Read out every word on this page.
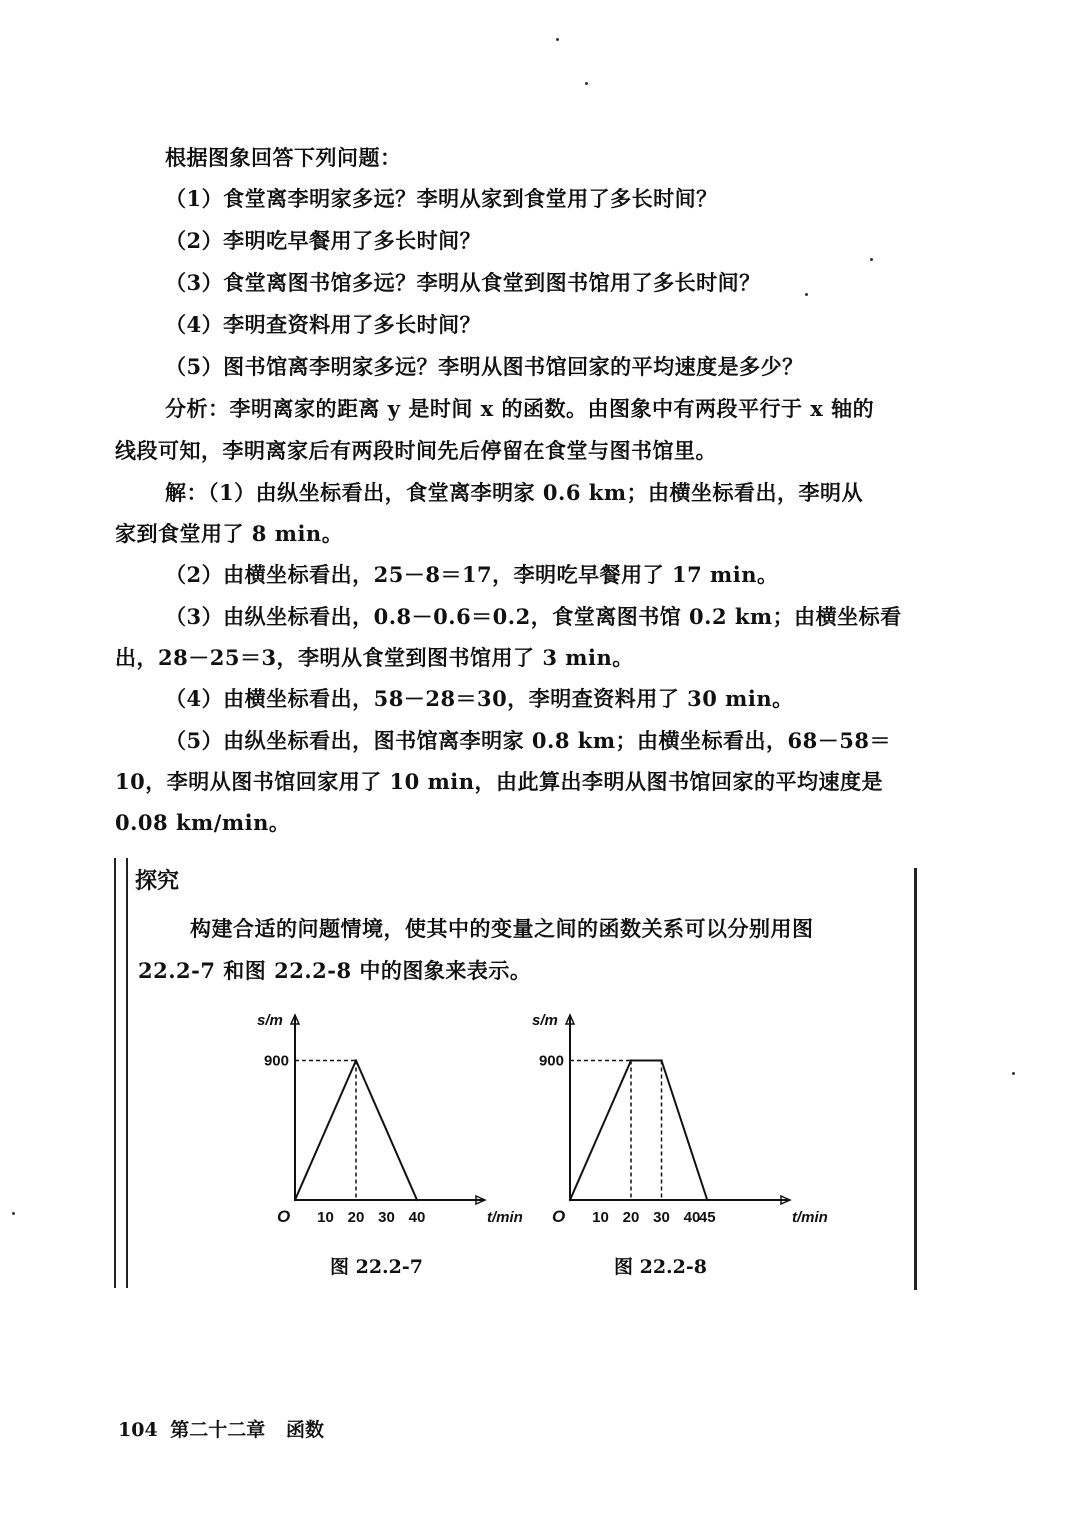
根据图象回答下列问题：
（1）食堂离李明家多远？李明从家到食堂用了多长时间？
（2）李明吃早餐用了多长时间？
（3）食堂离图书馆多远？李明从食堂到图书馆用了多长时间？
（4）李明查资料用了多长时间？
（5）图书馆离李明家多远？李明从图书馆回家的平均速度是多少？
分析：李明离家的距离 y 是时间 x 的函数。由图象中有两段平行于 x 轴的
线段可知，李明离家后有两段时间先后停留在食堂与图书馆里。
解：（1）由纵坐标看出，食堂离李明家 0.6 km；由横坐标看出，李明从
家到食堂用了 8 min。
（2）由横坐标看出，25－8＝17，李明吃早餐用了 17 min。
（3）由纵坐标看出，0.8－0.6＝0.2，食堂离图书馆 0.2 km；由横坐标看
出，28－25＝3，李明从食堂到图书馆用了 3 min。
（4）由横坐标看出，58－28＝30，李明查资料用了 30 min。
（5）由纵坐标看出，图书馆离李明家 0.8 km；由横坐标看出，68－58＝
10，李明从图书馆回家用了 10 min，由此算出李明从图书馆回家的平均速度是
0.08 km/min。
探究
构建合适的问题情境，使其中的变量之间的函数关系可以分别用图
22.2-7 和图 22.2-8 中的图象来表示。
s/m
t/min
O 10 20 30 40
900
图 22.2-7
s/m
t/min
O 10 20 30 40
45
900
图 22.2-8
104 第二十二章 函数
